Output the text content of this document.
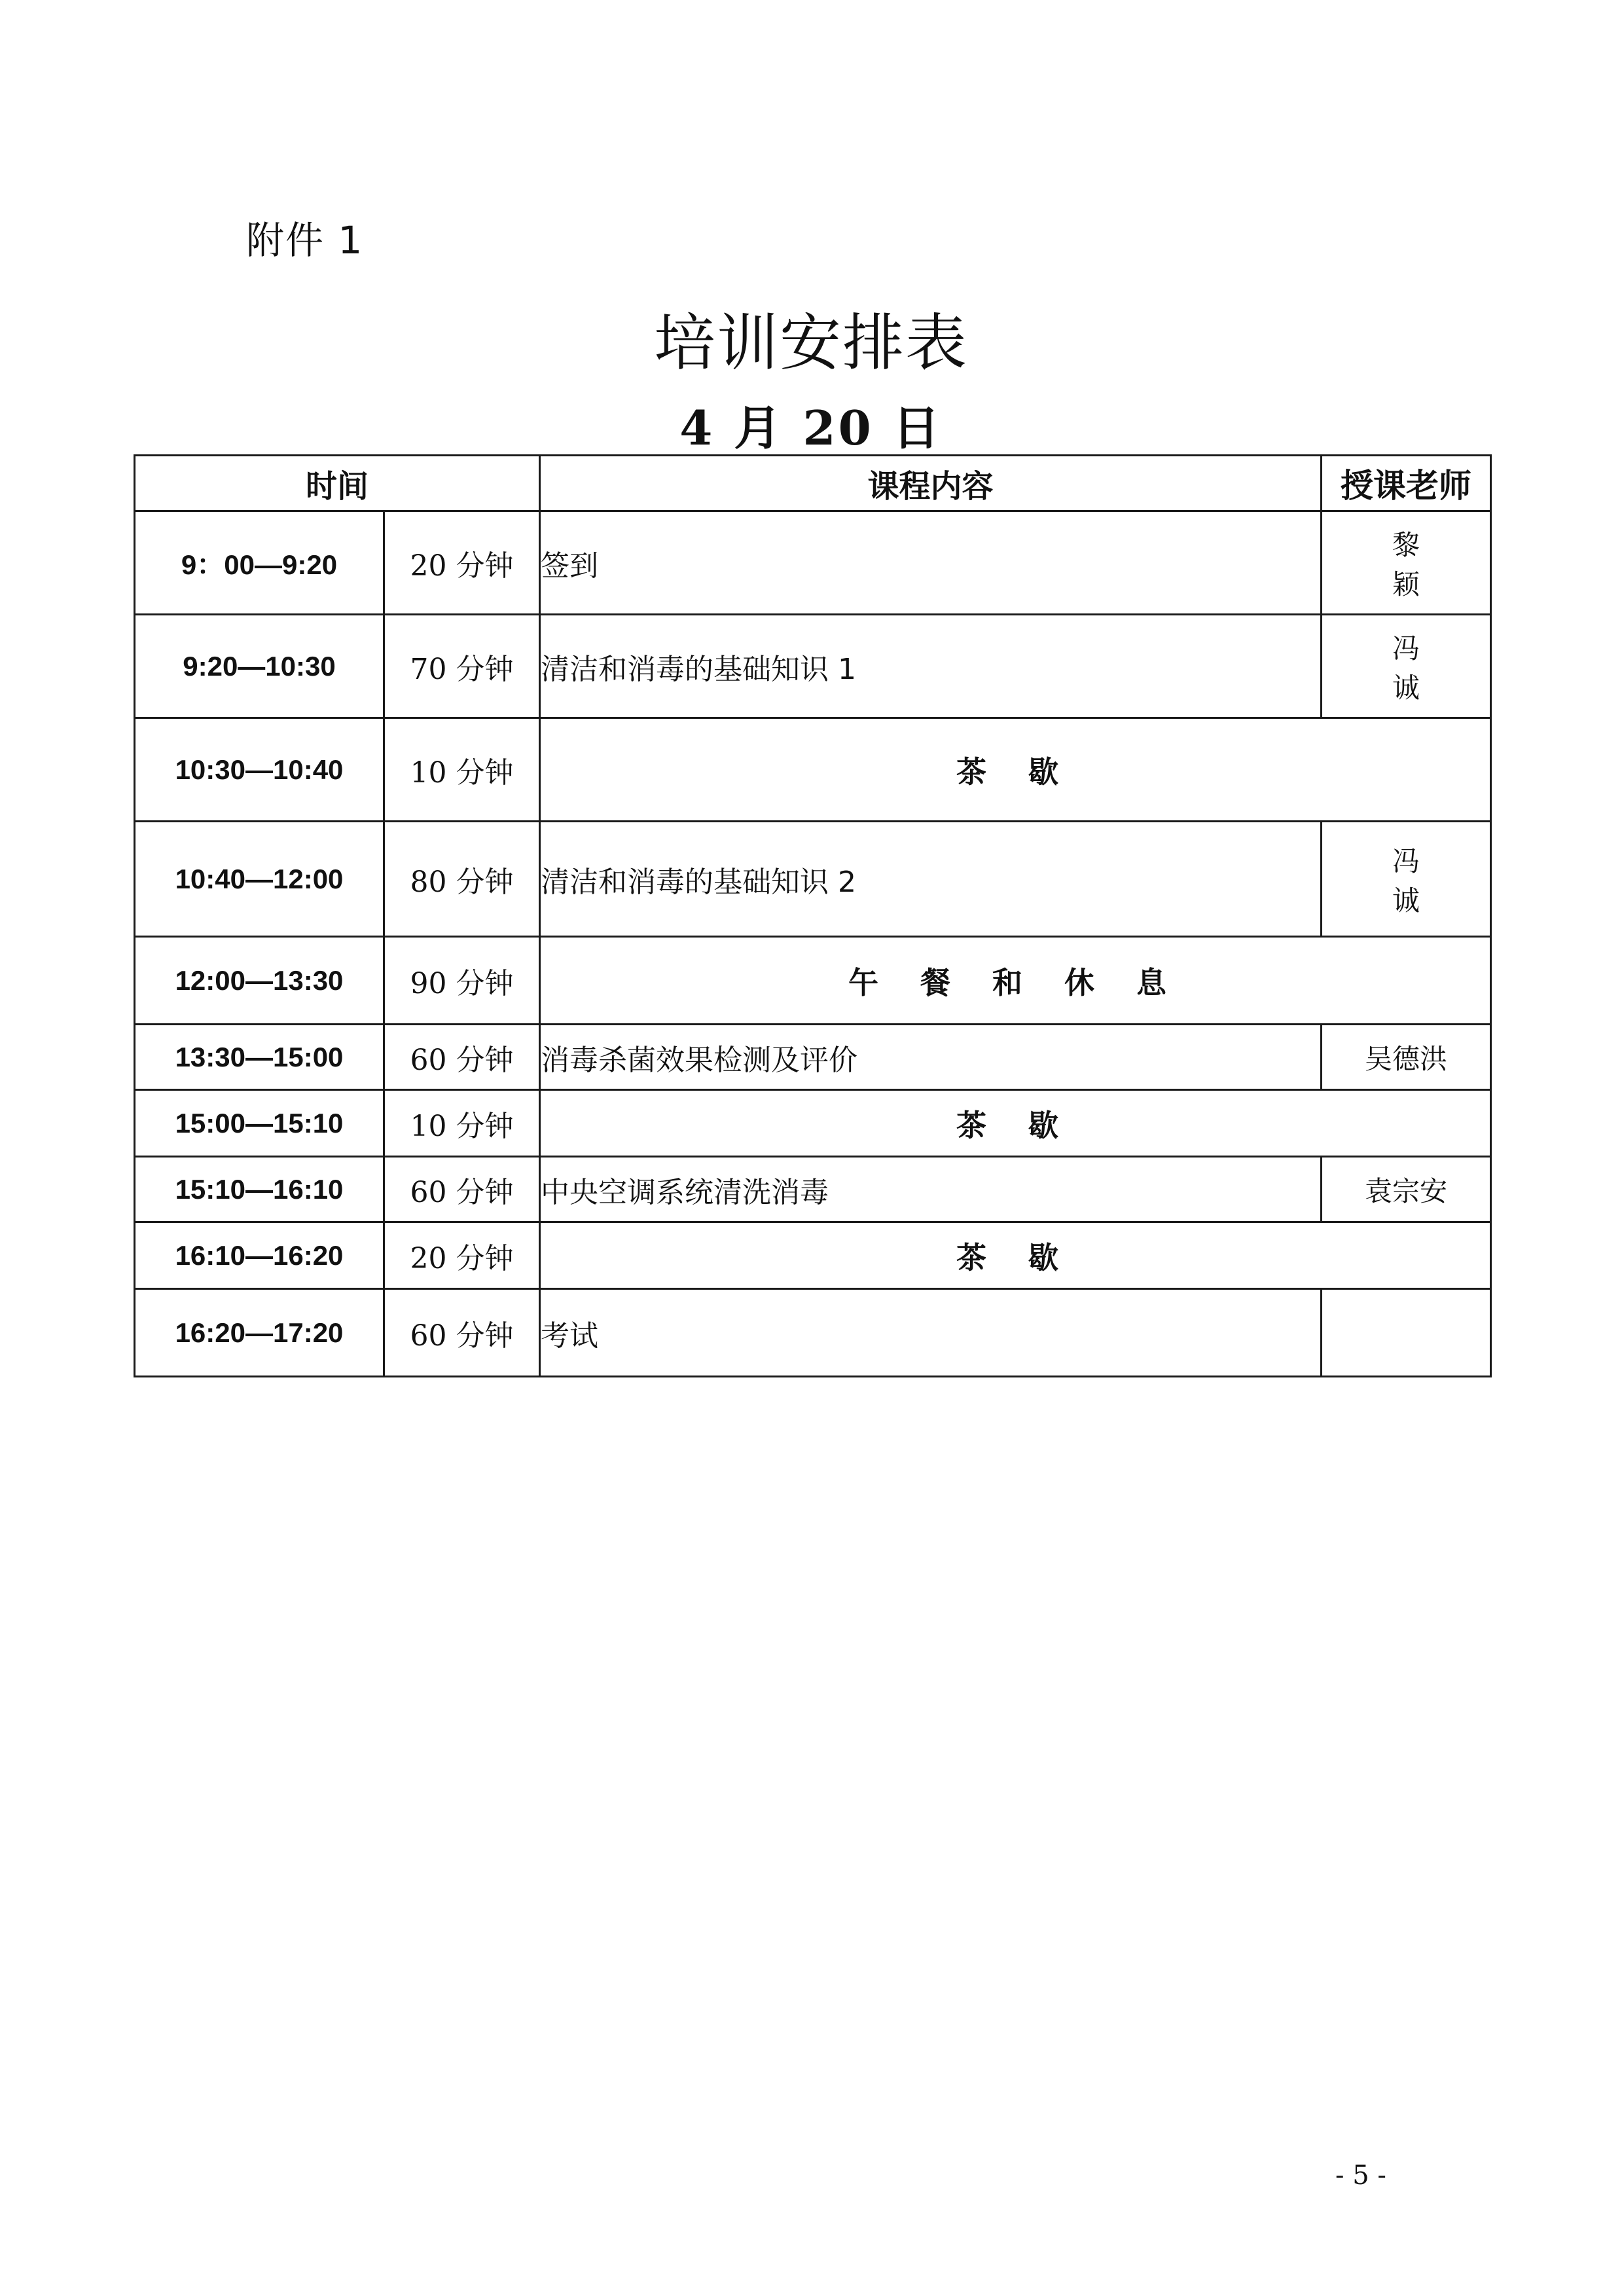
附件 1
培训安排表
4 月 20 日
时间		课程内容	授课老师
9：00—9:20	20 分钟	签到	黎 颖
9:20—10:30	70 分钟	清洁和消毒的基础知识 1	冯 诚
10:30—10:40	10 分钟	茶 歇	
10:40—12:00	80 分钟	清洁和消毒的基础知识 2	冯 诚
12:00—13:30	90 分钟	午 餐 和 休 息	
13:30—15:00	60 分钟	消毒杀菌效果检测及评价	吴德洪
15:00—15:10	10 分钟	茶 歇	
15:10—16:10	60 分钟	中央空调系统清洗消毒	袁宗安
16:10—16:20	20 分钟	茶 歇	
16:20—17:20	60 分钟	考试	
- 5 -
